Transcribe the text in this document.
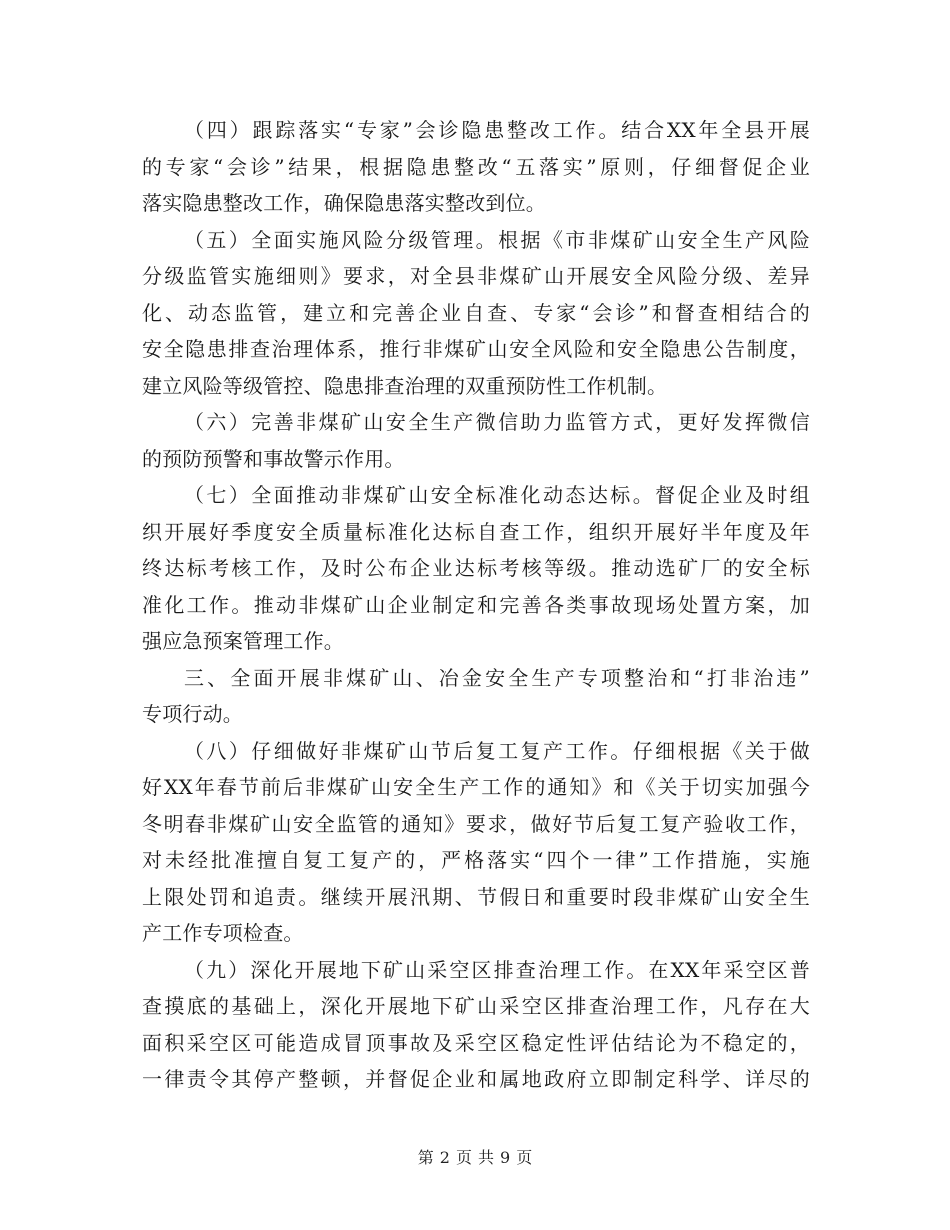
（四）跟踪落实“专家”会诊隐患整改工作。结合XX年全县开展
的专家“会诊”结果，根据隐患整改“五落实”原则，仔细督促企业
落实隐患整改工作，确保隐患落实整改到位。
（五）全面实施风险分级管理。根据《市非煤矿山安全生产风险
分级监管实施细则》要求，对全县非煤矿山开展安全风险分级、差异
化、动态监管，建立和完善企业自查、专家“会诊”和督查相结合的
安全隐患排查治理体系，推行非煤矿山安全风险和安全隐患公告制度，
建立风险等级管控、隐患排查治理的双重预防性工作机制。
（六）完善非煤矿山安全生产微信助力监管方式，更好发挥微信
的预防预警和事故警示作用。
（七）全面推动非煤矿山安全标准化动态达标。督促企业及时组
织开展好季度安全质量标准化达标自查工作，组织开展好半年度及年
终达标考核工作，及时公布企业达标考核等级。推动选矿厂的安全标
准化工作。推动非煤矿山企业制定和完善各类事故现场处置方案，加
强应急预案管理工作。
三、全面开展非煤矿山、冶金安全生产专项整治和“打非治违”
专项行动。
（八）仔细做好非煤矿山节后复工复产工作。仔细根据《关于做
好XX年春节前后非煤矿山安全生产工作的通知》和《关于切实加强今
冬明春非煤矿山安全监管的通知》要求，做好节后复工复产验收工作，
对未经批准擅自复工复产的，严格落实“四个一律”工作措施，实施
上限处罚和追责。继续开展汛期、节假日和重要时段非煤矿山安全生
产工作专项检查。
（九）深化开展地下矿山采空区排查治理工作。在XX年采空区普
查摸底的基础上，深化开展地下矿山采空区排查治理工作，凡存在大
面积采空区可能造成冒顶事故及采空区稳定性评估结论为不稳定的，
一律责令其停产整顿，并督促企业和属地政府立即制定科学、详尽的
第 2 页 共 9 页
